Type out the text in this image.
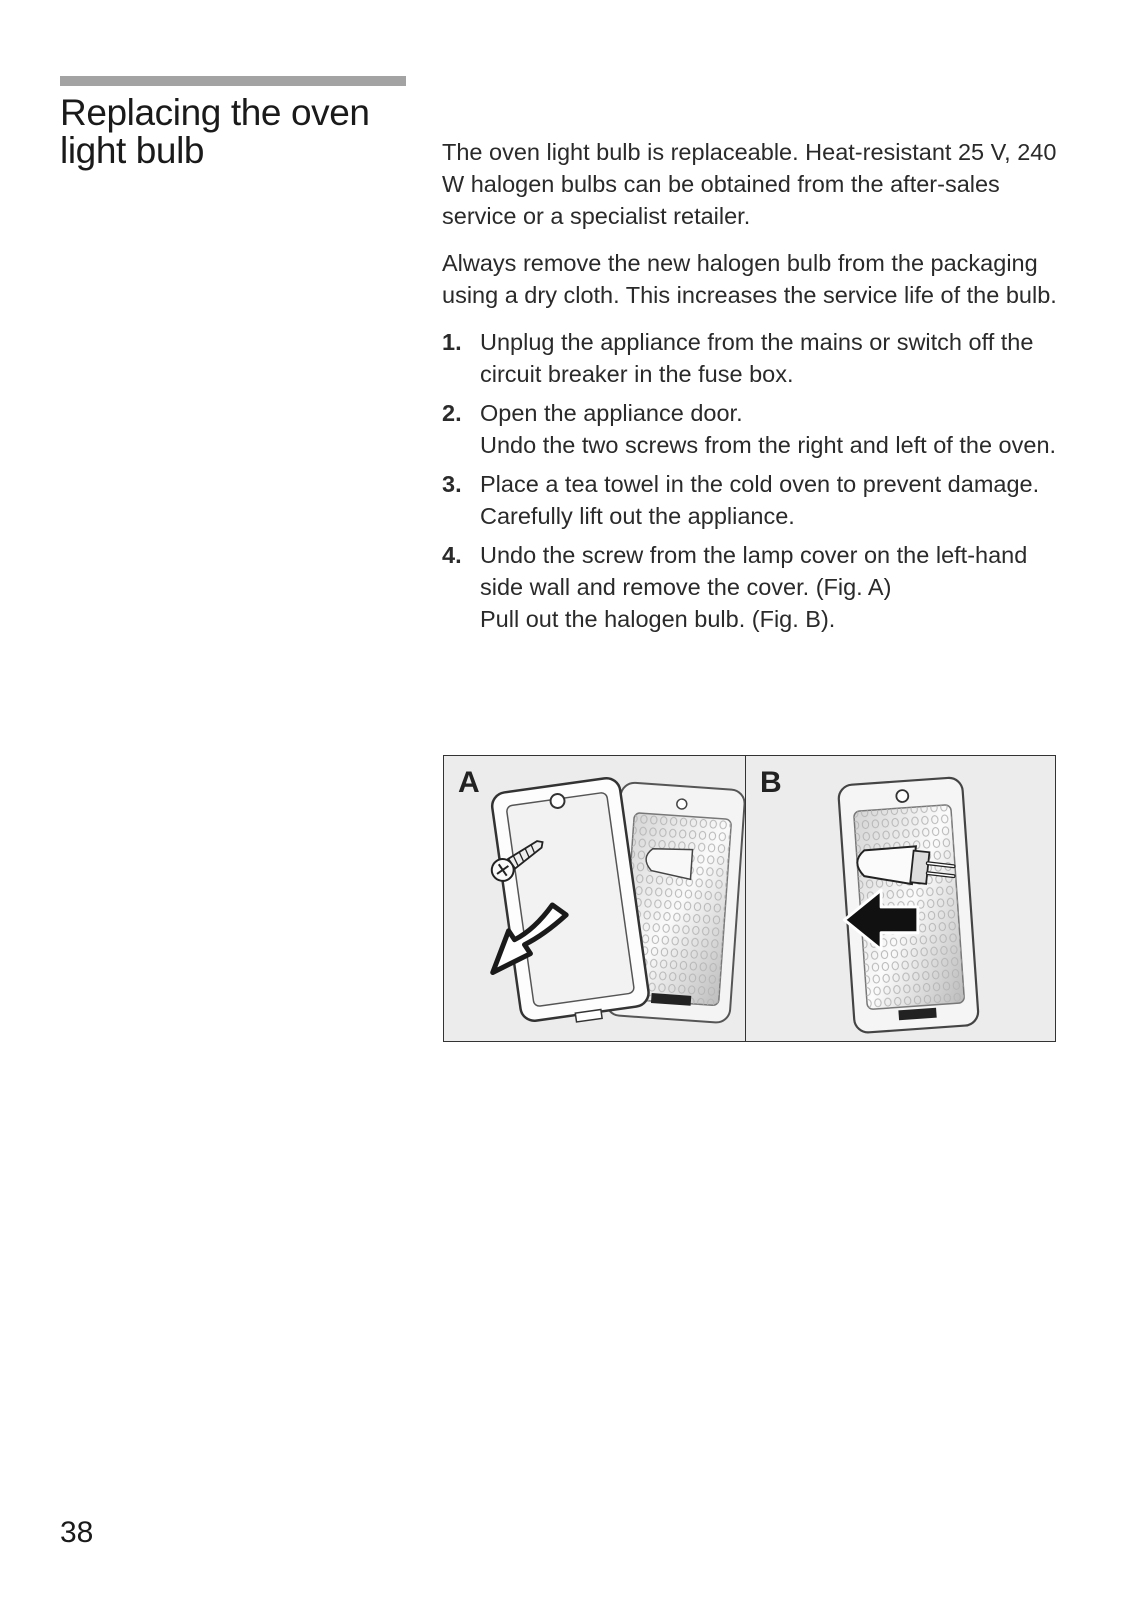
Replacing the oven light bulb	The oven light bulb is replaceable. Heat-resistant 25 V, 240 W halogen bulbs can be obtained from the after-sales service or a specialist retailer.

Always remove the new halogen bulb from the packaging using a dry cloth. This increases the service life of the bulb.

1. Unplug the appliance from the mains or switch off the circuit breaker in the fuse box.
2. Open the appliance door.
Undo the two screws from the right and left of the oven.
3. Place a tea towel in the cold oven to prevent damage.
Carefully lift out the appliance.
4. Undo the screw from the lamp cover on the left-hand side wall and remove the cover. (Fig. A)
Pull out the halogen bulb. (Fig. B).
A	B
38
